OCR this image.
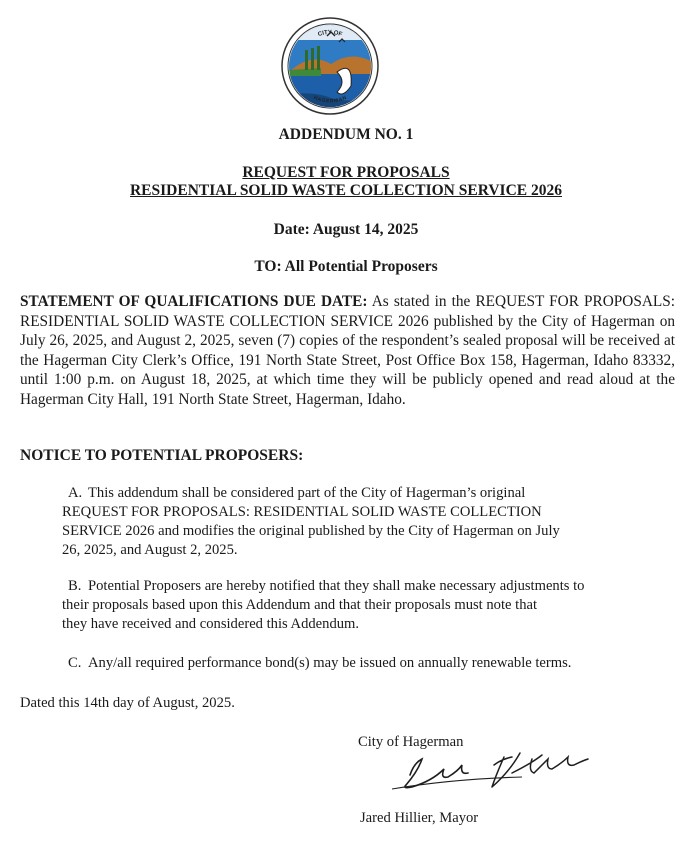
CITY OF
HAGERMAN
ADDENDUM NO. 1
REQUEST FOR PROPOSALS
RESIDENTIAL SOLID WASTE COLLECTION SERVICE 2026
Date: August 14, 2025
TO: All Potential Proposers
STATEMENT OF QUALIFICATIONS DUE DATE: As stated in the REQUEST FOR PROPOSALS: RESIDENTIAL SOLID WASTE COLLECTION SERVICE 2026 published by the City of Hagerman on July 26, 2025, and August 2, 2025, seven (7) copies of the respondent’s sealed proposal will be received at the Hagerman City Clerk’s Office, 191 North State Street, Post Office Box 158, Hagerman, Idaho 83332, until 1:00 p.m. on August 18, 2025, at which time they will be publicly opened and read aloud at the Hagerman City Hall, 191 North State Street, Hagerman, Idaho.
NOTICE TO POTENTIAL PROPOSERS:
A. This addendum shall be considered part of the City of Hagerman’s original
REQUEST FOR PROPOSALS: RESIDENTIAL SOLID WASTE COLLECTION
SERVICE 2026 and modifies the original published by the City of Hagerman on July
26, 2025, and August 2, 2025.
B. Potential Proposers are hereby notified that they shall make necessary adjustments to
their proposals based upon this Addendum and that their proposals must note that
they have received and considered this Addendum.
C. Any/all required performance bond(s) may be issued on annually renewable terms.
Dated this 14th day of August, 2025.
City of Hagerman
Jared Hillier, Mayor
